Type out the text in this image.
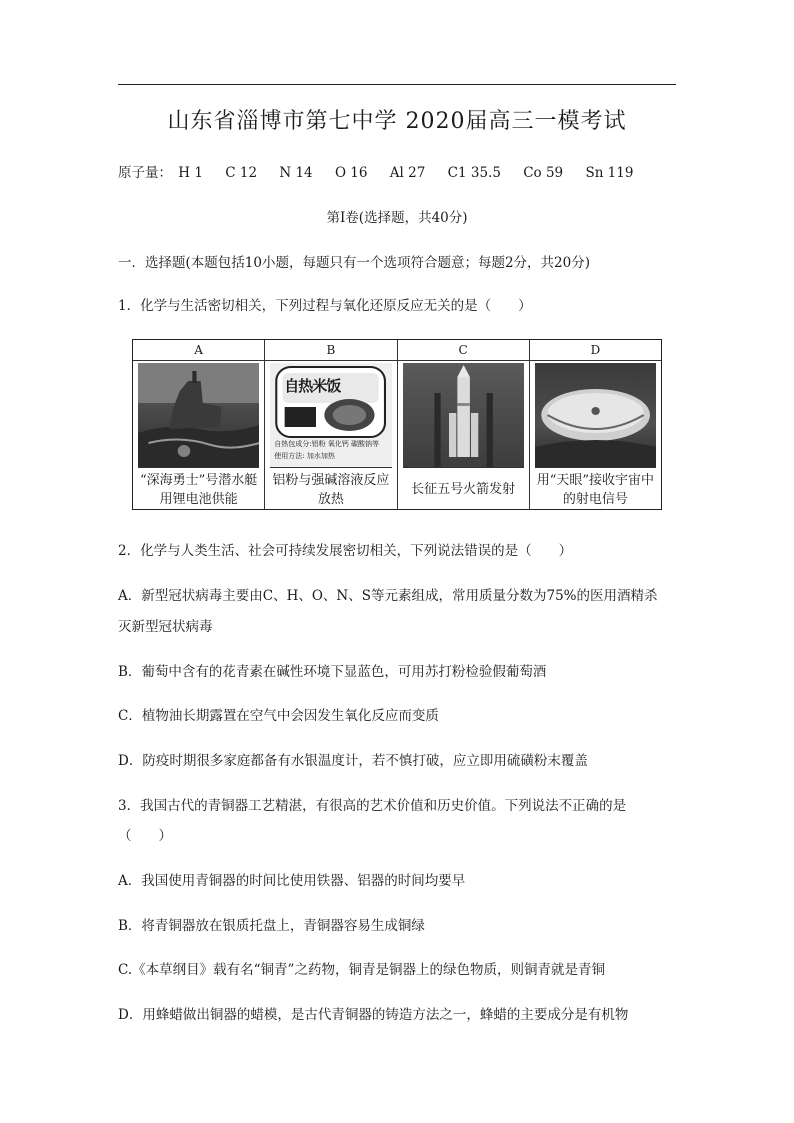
山东省淄博市第七中学 2020届高三一模考试
原子量： H 1 C 12 N 14 O 16 Al 27 C1 35.5 Co 59 Sn 119
第Ⅰ卷(选择题，共40分)
一．选择题(本题包括10小题，每题只有一个选项符合题意；每题2分，共20分)
1．化学与生活密切相关，下列过程与氧化还原反应无关的是（　　）
A
“深海勇士”号潜水艇用锂电池供能
B
自热米饭
自热包成分:铝粉 氧化钙 碳酸钠等
使用方法: 加水加热
铝粉与强碱溶液反应放热
C
长征五号火箭发射
D
用“天眼”接收宇宙中的射电信号
2．化学与人类生活、社会可持续发展密切相关，下列说法错误的是（　　）
A．新型冠状病毒主要由C、H、O、N、S等元素组成，常用质量分数为75%的医用酒精杀
灭新型冠状病毒
B．葡萄中含有的花青素在碱性环境下显蓝色，可用苏打粉检验假葡萄酒
C．植物油长期露置在空气中会因发生氧化反应而变质
D．防疫时期很多家庭都备有水银温度计，若不慎打破，应立即用硫磺粉末覆盖
3．我国古代的青铜器工艺精湛，有很高的艺术价值和历史价值。下列说法不正确的是
（　　）
A．我国使用青铜器的时间比使用铁器、铝器的时间均要早
B．将青铜器放在银质托盘上，青铜器容易生成铜绿
C.《本草纲目》载有名“铜青”之药物，铜青是铜器上的绿色物质，则铜青就是青铜
D．用蜂蜡做出铜器的蜡模，是古代青铜器的铸造方法之一，蜂蜡的主要成分是有机物
